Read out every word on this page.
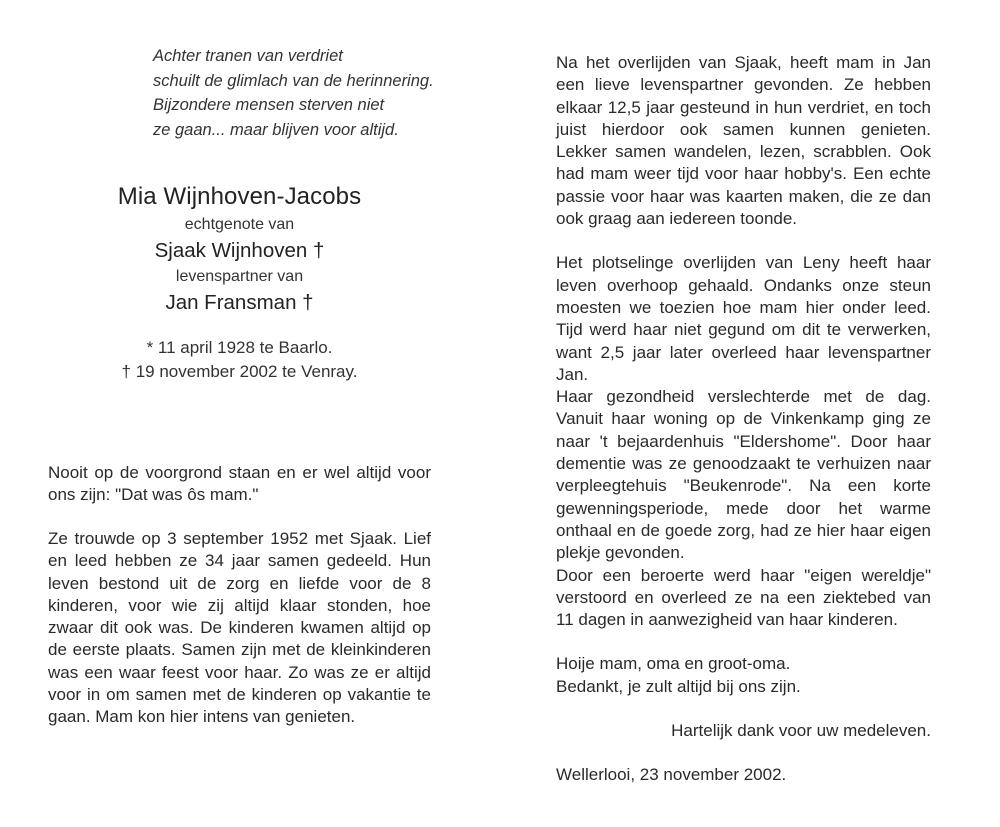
Achter tranen van verdriet
schuilt de glimlach van de herinnering.
Bijzondere mensen sterven niet
ze gaan... maar blijven voor altijd.
Mia Wijnhoven-Jacobs
echtgenote van
Sjaak Wijnhoven †
levenspartner van
Jan Fransman †
* 11 april 1928 te Baarlo.
† 19 november 2002 te Venray.
Nooit op de voorgrond staan en er wel altijd voor ons zijn: "Dat was ôs mam."
Ze trouwde op 3 september 1952 met Sjaak. Lief en leed hebben ze 34 jaar samen gedeeld. Hun leven bestond uit de zorg en liefde voor de 8 kinderen, voor wie zij altijd klaar stonden, hoe zwaar dit ook was. De kinderen kwamen altijd op de eerste plaats. Samen zijn met de kleinkinderen was een waar feest voor haar. Zo was ze er altijd voor in om samen met de kinderen op vakantie te gaan. Mam kon hier intens van genieten.
Na het overlijden van Sjaak, heeft mam in Jan een lieve levenspartner gevonden. Ze hebben elkaar 12,5 jaar gesteund in hun verdriet, en toch juist hierdoor ook samen kunnen genieten. Lekker samen wandelen, lezen, scrabblen. Ook had mam weer tijd voor haar hobby's. Een echte passie voor haar was kaarten maken, die ze dan ook graag aan iedereen toonde.
Het plotselinge overlijden van Leny heeft haar leven overhoop gehaald. Ondanks onze steun moesten we toezien hoe mam hier onder leed. Tijd werd haar niet gegund om dit te verwerken, want 2,5 jaar later overleed haar levenspartner Jan.
Haar gezondheid verslechterde met de dag. Vanuit haar woning op de Vinkenkamp ging ze naar 't bejaardenhuis "Eldershome". Door haar dementie was ze genoodzaakt te verhuizen naar verpleegtehuis "Beukenrode". Na een korte gewenningsperiode, mede door het warme onthaal en de goede zorg, had ze hier haar eigen plekje gevonden.
Door een beroerte werd haar "eigen wereldje" verstoord en overleed ze na een ziektebed van 11 dagen in aanwezigheid van haar kinderen.
Hoije mam, oma en groot-oma.
Bedankt, je zult altijd bij ons zijn.
Hartelijk dank voor uw medeleven.
Wellerlooi, 23 november 2002.
